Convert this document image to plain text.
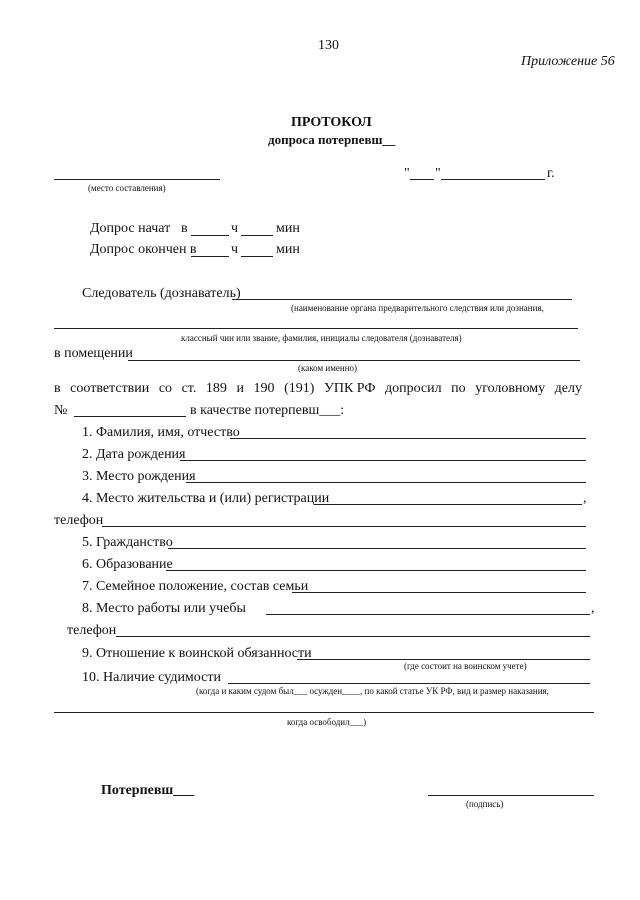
130
Приложение 56
ПРОТОКОЛ
допроса потерпевш__
(место составления)
" "	г.
Допрос начат в	ч	мин
Допрос окончен в ч	мин
Следователь (дознаватель)
(наименование органа предварительного следствия или дознания,
классный чин или звание, фамилия, инициалы следователя (дознавателя)
в помещении
(каком именно)
в соответствии со ст. 189 и 190 (191) УПК РФ допросил по уголовному делу
№	в качестве потерпевш___:
1. Фамилия, имя, отчество
2. Дата рождения
3. Место рождения
4. Место жительства и (или) регистрации	,
телефон
5. Гражданство
6. Образование
7. Семейное положение, состав семьи
8. Место работы или учебы	,
телефон
9. Отношение к воинской обязанности
(где состоит на воинском учете)
10. Наличие судимости
(когда и каким судом был___ осужден____, по какой статье УК РФ, вид и размер наказания,
когда освободил___)
Потерпевш___
(подпись)
